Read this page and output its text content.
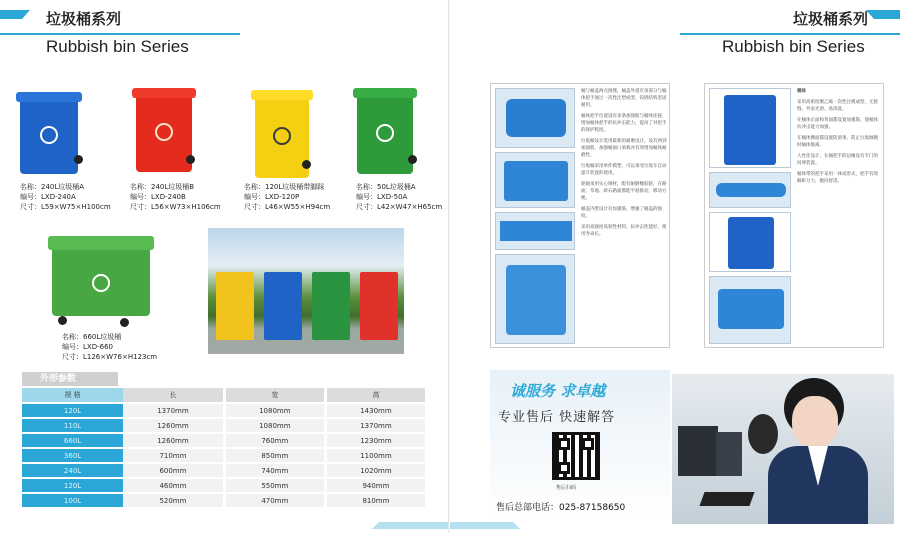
垃圾桶系列
Rubbish bin Series
名称：240L垃圾桶A
编号：LXD-240A
尺寸：L59×W75×H100cm
名称：240L垃圾桶B
编号：LXD-240B
尺寸：L56×W73×H106cm
名称：120L垃圾桶带脚踩
编号：LXD-120P
尺寸：L46×W55×H94cm
名称：50L垃圾桶A
编号：LXD-50A
尺寸：L42×W47×H65cm
名称：660L垃圾桶
编号：LXD-660
尺寸：L126×W76×H123cm
外形参数
规 格	长	宽	高
120L	1370mm	1080mm	1430mm
110L	1260mm	1080mm	1370mm
660L	1260mm	760mm	1230mm
360L	710mm	850mm	1100mm
240L	600mm	740mm	1020mm
120L	460mm	550mm	940mm
100L	520mm	470mm	810mm
垃圾桶系列
Rubbish bin Series
桶与桶盖两点接缝，桶盖外延有顶部分与桶体把手通过一次性注塑成型，铰链结构坚固耐用。
桶体把手位置设有多条加强筋与桶体连接，增加桶体把手的抗冲击能力，提高了对把手的保护程度。
垃圾桶设计选用最新的耐磨设计，设有两到加强筋，加强桶面口承载并有效增加桶体耐磨性。
垃圾桶采用单件模塑，可以承受垃圾车自动提升装置的使用。
轮轴采用实心钢材，配有耐磨橡胶轮，在路面、草地、碎石路面都能平稳推动，移动方便。
桶盖内壁设计有加强筋，增强了桶盖的强度。
采用高强度高韧性材料，抗冲击性能好，使用寿命长。
桶体
采用高密度聚乙烯一次性注模成型，无接缝、外表光滑、易清洗。
在桶体正面和背面都设置加强筋，使桶体抗冲击能力加强。
在桶体侧面都设置防滑条，防止垃圾倾倒时桶体脱离。
人性化设计，在桶把手的边缘设有专门的回弹装置。
桶体带的把手采用一体成形式，把手有效解析分力，握持舒适。
诚服务 求卓越
专业售后 快速解答
售后扫码
售后总部电话：025-87158650
